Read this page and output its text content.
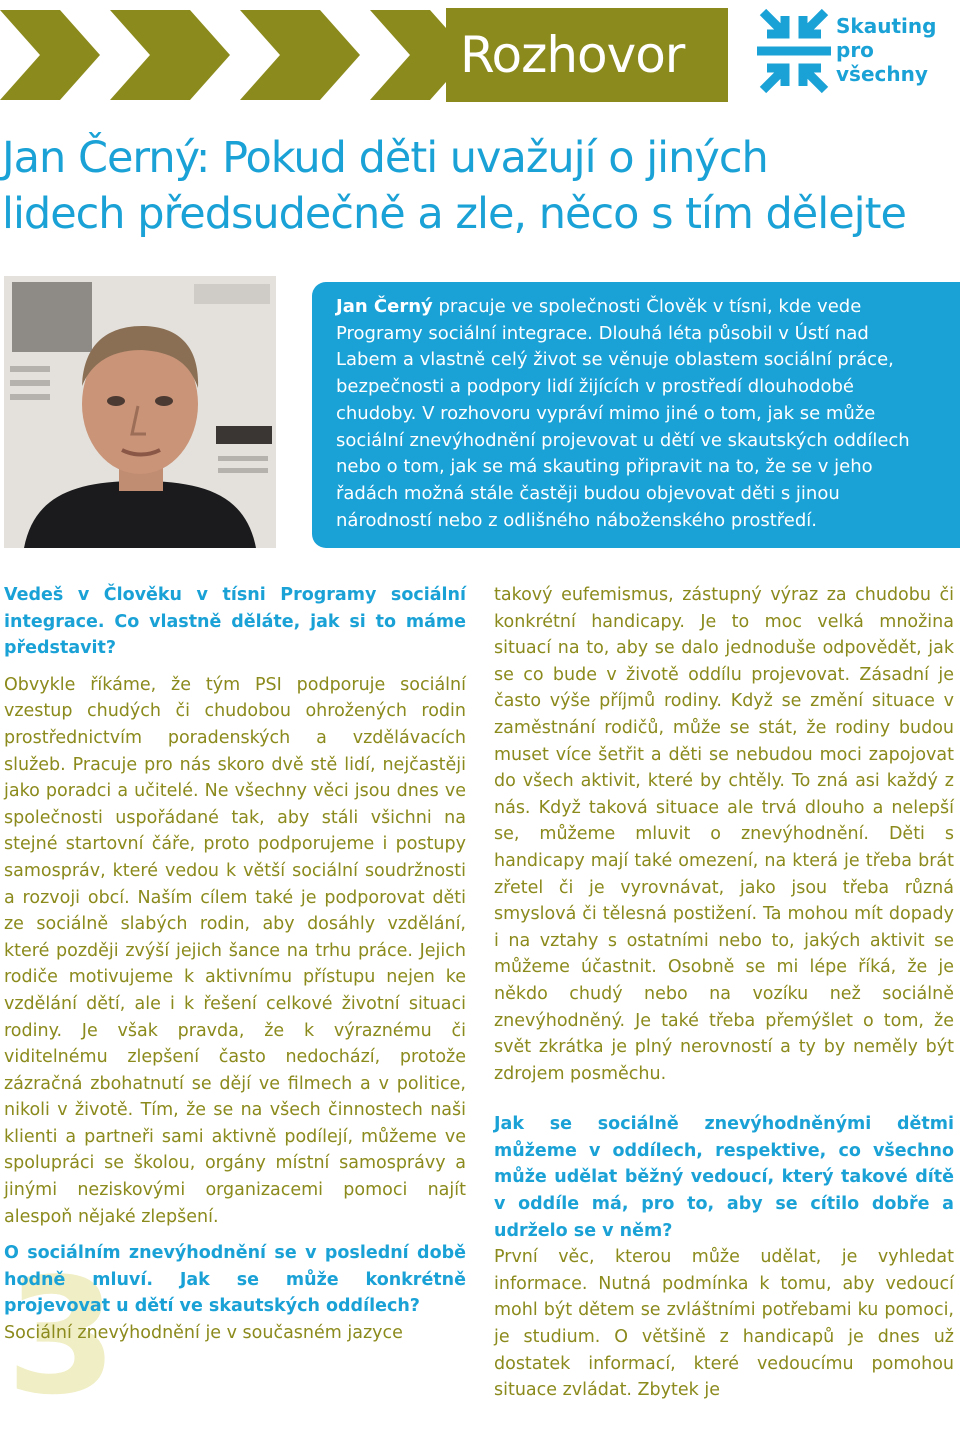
Rozhovor	Skauting
pro všechny
Jan Černý: Pokud děti uvažují o jiných
lidech předsudečně a zle, něco s tím dělejte
Jan Černý pracuje ve společnosti Člověk v tísni, kde vede Programy sociální integrace. Dlouhá léta působil v Ústí nad Labem a vlastně celý život se věnuje oblastem sociální práce, bezpečnosti a podpory lidí žijících v prostředí dlouhodobé chudoby. V rozhovoru vypráví mimo jiné o tom, jak se může sociální znevýhodnění projevovat u dětí ve skautských oddílech nebo o tom, jak se má skauting připravit na to, že se v jeho řadách možná stále častěji budou objevovat děti s jinou národností nebo z odlišného náboženského prostředí.
3

Vedeš v Člověku v tísni Programy sociální integrace. Co vlastně děláte, jak si to máme představit?

Obvykle říkáme, že tým PSI podporuje sociální vzestup chudých či chudobou ohrožených rodin prostřednictvím poradenských a vzdělávacích služeb. Pracuje pro nás skoro dvě stě lidí, nejčastěji jako poradci a učitelé. Ne všechny věci jsou dnes ve společnosti uspořádané tak, aby stáli všichni na stejné startovní čáře, proto podporujeme i postupy samospráv, které vedou k větší sociální soudržnosti a rozvoji obcí. Naším cílem také je podporovat děti ze sociálně slabých rodin, aby dosáhly vzdělání, které později zvýší jejich šance na trhu práce. Jejich rodiče motivujeme k aktivnímu přístupu nejen ke vzdělání dětí, ale i k řešení celkové životní situaci rodiny. Je však pravda, že k výraznému či viditelnému zlepšení často nedochází, protože zázračná zbohatnutí se dějí ve filmech a v politice, nikoli v životě. Tím, že se na všech činnostech naši klienti a partneři sami aktivně podílejí, můžeme ve spolupráci se školou, orgány místní samosprávy a jinými neziskovými organizacemi pomoci najít alespoň nějaké zlepšení.

O sociálním znevýhodnění se v poslední době hodně mluví. Jak se může konkrétně projevovat u dětí ve skautských oddílech?

Sociální znevýhodnění je v současném jazyce

takový eufemismus, zástupný výraz za chudobu či konkrétní handicapy. Je to moc velká množina situací na to, aby se dalo jednoduše odpovědět, jak se co bude v životě oddílu projevovat. Zásadní je často výše příjmů rodiny. Když se změní situace v zaměstnání rodičů, může se stát, že rodiny budou muset více šetřit a děti se nebudou moci zapojovat do všech aktivit, které by chtěly. To zná asi každý z nás. Když taková situace ale trvá dlouho a nelepší se, můžeme mluvit o znevýhodnění. Děti s handicapy mají také omezení, na která je třeba brát zřetel či je vyrovnávat, jako jsou třeba různá smyslová či tělesná postižení. Ta mohou mít dopady i na vztahy s ostatními nebo to, jakých aktivit se můžeme účastnit. Osobně se mi lépe říká, že je někdo chudý nebo na vozíku než sociálně znevýhodněný. Je také třeba přemýšlet o tom, že svět zkrátka je plný nerovností a ty by neměly být zdrojem posměchu.

Jak se sociálně znevýhodněnými dětmi můžeme v oddílech, respektive, co všechno může udělat běžný vedoucí, který takové dítě v oddíle má, pro to, aby se cítilo dobře a udrželo se v něm?

První věc, kterou může udělat, je vyhledat informace. Nutná podmínka k tomu, aby vedoucí mohl být dětem se zvláštními potřebami ku pomoci, je studium. O většině z handicapů je dnes už dostatek informací, které vedoucímu pomohou situace zvládat. Zbytek je
